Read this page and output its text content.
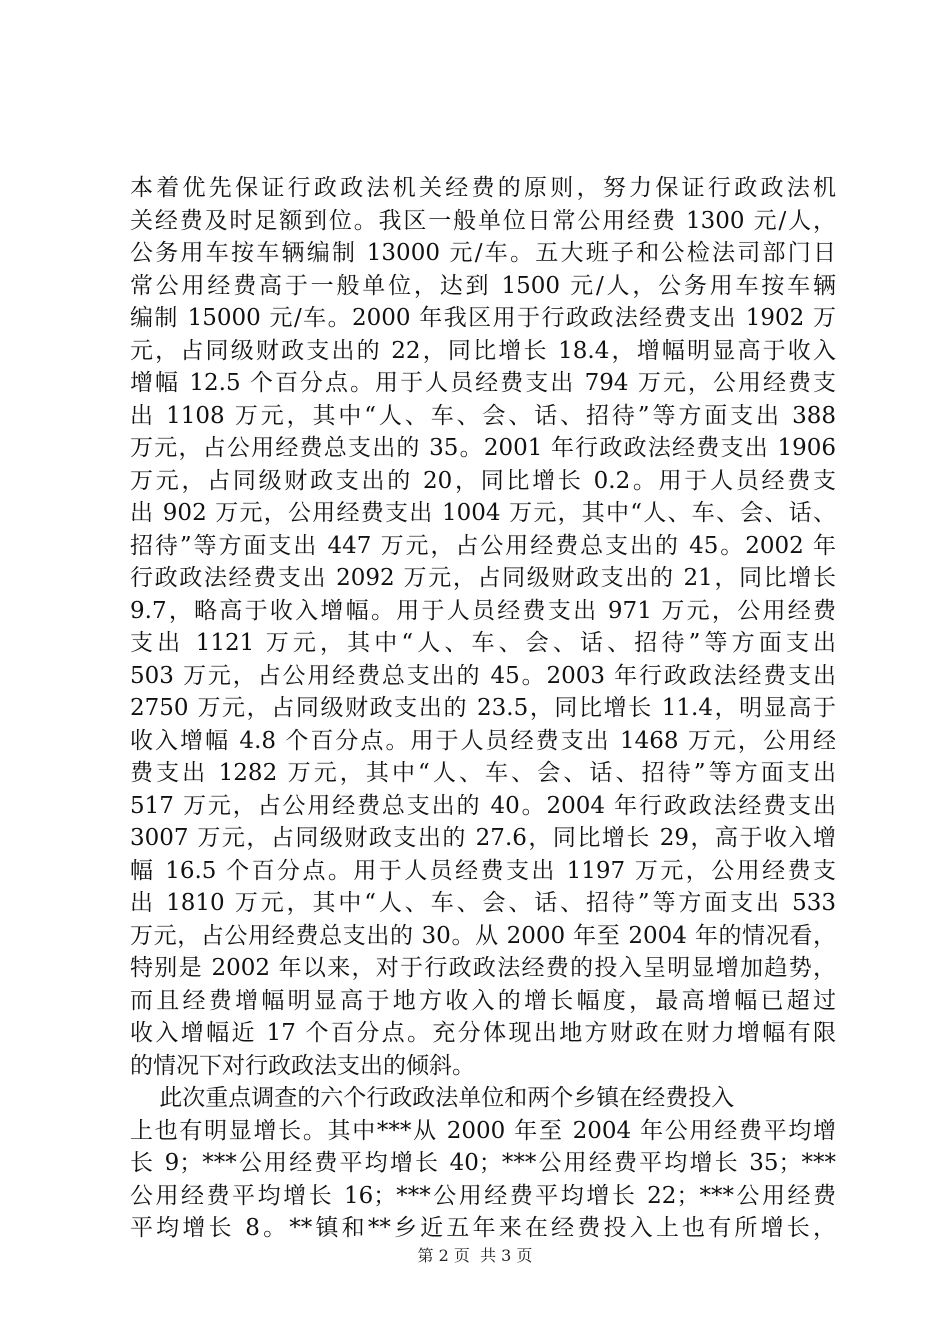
本着优先保证行政政法机关经费的原则，努力保证行政政法机
关经费及时足额到位。我区一般单位日常公用经费 1300 元/人，
公务用车按车辆编制 13000 元/车。五大班子和公检法司部门日
常公用经费高于一般单位，达到 1500 元/人，公务用车按车辆
编制 15000 元/车。2000 年我区用于行政政法经费支出 1902 万
元，占同级财政支出的 22，同比增长 18.4，增幅明显高于收入
增幅 12.5 个百分点。用于人员经费支出 794 万元，公用经费支
出 1108 万元，其中“人、车、会、话、招待”等方面支出 388
万元，占公用经费总支出的 35。2001 年行政政法经费支出 1906
万元，占同级财政支出的 20，同比增长 0.2。用于人员经费支
出 902 万元，公用经费支出 1004 万元，其中“人、车、会、话、
招待”等方面支出 447 万元，占公用经费总支出的 45。2002 年
行政政法经费支出 2092 万元，占同级财政支出的 21，同比增长
9.7，略高于收入增幅。用于人员经费支出 971 万元，公用经费
支出 1121 万元，其中“人、车、会、话、招待”等方面支出
503 万元，占公用经费总支出的 45。2003 年行政政法经费支出
2750 万元，占同级财政支出的 23.5，同比增长 11.4，明显高于
收入增幅 4.8 个百分点。用于人员经费支出 1468 万元，公用经
费支出 1282 万元，其中“人、车、会、话、招待”等方面支出
517 万元，占公用经费总支出的 40。2004 年行政政法经费支出
3007 万元，占同级财政支出的 27.6，同比增长 29，高于收入增
幅 16.5 个百分点。用于人员经费支出 1197 万元，公用经费支
出 1810 万元，其中“人、车、会、话、招待”等方面支出 533
万元，占公用经费总支出的 30。从 2000 年至 2004 年的情况看，
特别是 2002 年以来，对于行政政法经费的投入呈明显增加趋势，
而且经费增幅明显高于地方收入的增长幅度，最高增幅已超过
收入增幅近 17 个百分点。充分体现出地方财政在财力增幅有限
的情况下对行政政法支出的倾斜。
此次重点调查的六个行政政法单位和两个乡镇在经费投入
上也有明显增长。其中***从 2000 年至 2004 年公用经费平均增
长 9；***公用经费平均增长 40；***公用经费平均增长 35；***
公用经费平均增长 16；***公用经费平均增长 22；***公用经费
平均增长 8。**镇和**乡近五年来在经费投入上也有所增长，
第 2 页  共 3 页
